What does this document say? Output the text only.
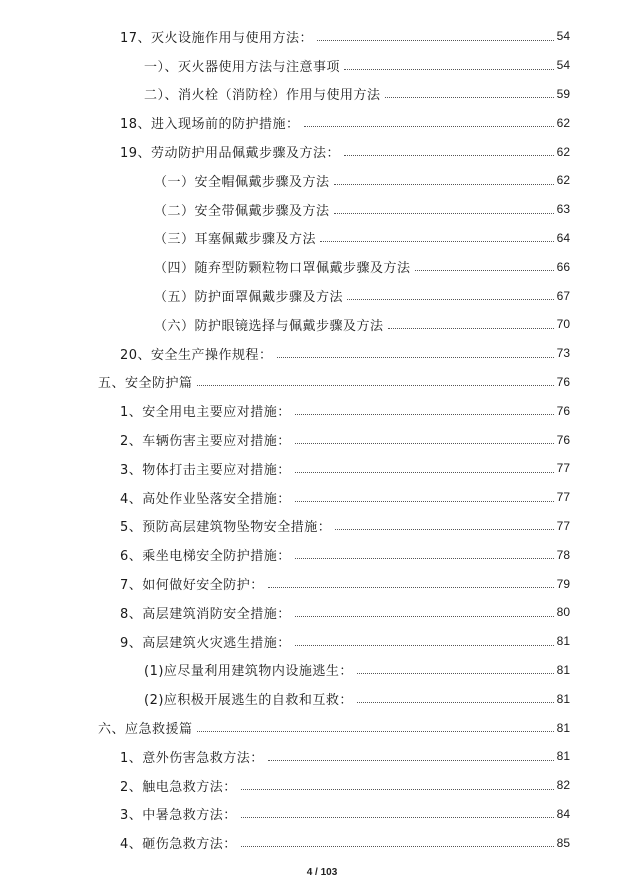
17、灭火设施作用与使用方法：	54
一）、灭火器使用方法与注意事项	54
二）、消火栓（消防栓）作用与使用方法	59
18、进入现场前的防护措施：	62
19、劳动防护用品佩戴步骤及方法：	62
（一）安全帽佩戴步骤及方法	62
（二）安全带佩戴步骤及方法	63
（三）耳塞佩戴步骤及方法	64
（四）随弃型防颗粒物口罩佩戴步骤及方法	66
（五）防护面罩佩戴步骤及方法	67
（六）防护眼镜选择与佩戴步骤及方法	70
20、安全生产操作规程：	73
五、安全防护篇	76
1、安全用电主要应对措施：	76
2、车辆伤害主要应对措施：	76
3、物体打击主要应对措施：	77
4、高处作业坠落安全措施：	77
5、预防高层建筑物坠物安全措施：	77
6、乘坐电梯安全防护措施：	78
7、如何做好安全防护：	79
8、高层建筑消防安全措施：	80
9、高层建筑火灾逃生措施：	81
(1)应尽量利用建筑物内设施逃生：	81
(2)应积极开展逃生的自救和互救：	81
六、应急救援篇	81
1、意外伤害急救方法：	81
2、触电急救方法：	82
3、中暑急救方法：	84
4、砸伤急救方法：	85
4 / 103
